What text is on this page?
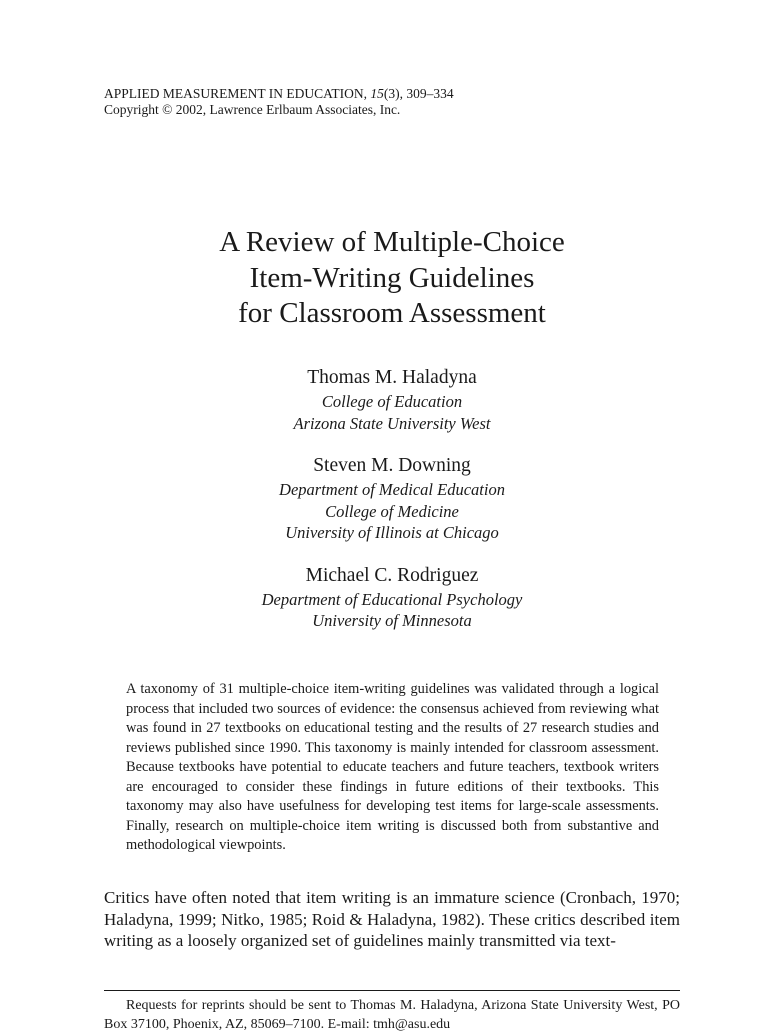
APPLIED MEASUREMENT IN EDUCATION, 15(3), 309–334
Copyright © 2002, Lawrence Erlbaum Associates, Inc.
A Review of Multiple-Choice
Item-Writing Guidelines
for Classroom Assessment
Thomas M. Haladyna
College of Education
Arizona State University West
Steven M. Downing
Department of Medical Education
College of Medicine
University of Illinois at Chicago
Michael C. Rodriguez
Department of Educational Psychology
University of Minnesota
A taxonomy of 31 multiple-choice item-writing guidelines was validated through a logical process that included two sources of evidence: the consensus achieved from reviewing what was found in 27 textbooks on educational testing and the results of 27 research studies and reviews published since 1990. This taxonomy is mainly intended for classroom assessment. Because textbooks have potential to educate teachers and future teachers, textbook writers are encouraged to consider these findings in future editions of their textbooks. This taxonomy may also have usefulness for developing test items for large-scale assessments. Finally, research on multiple-choice item writing is discussed both from substantive and methodological viewpoints.
Critics have often noted that item writing is an immature science (Cronbach, 1970; Haladyna, 1999; Nitko, 1985; Roid & Haladyna, 1982). These critics described item writing as a loosely organized set of guidelines mainly transmitted via text-
Requests for reprints should be sent to Thomas M. Haladyna, Arizona State University West, PO Box 37100, Phoenix, AZ, 85069–7100. E-mail: tmh@asu.edu
